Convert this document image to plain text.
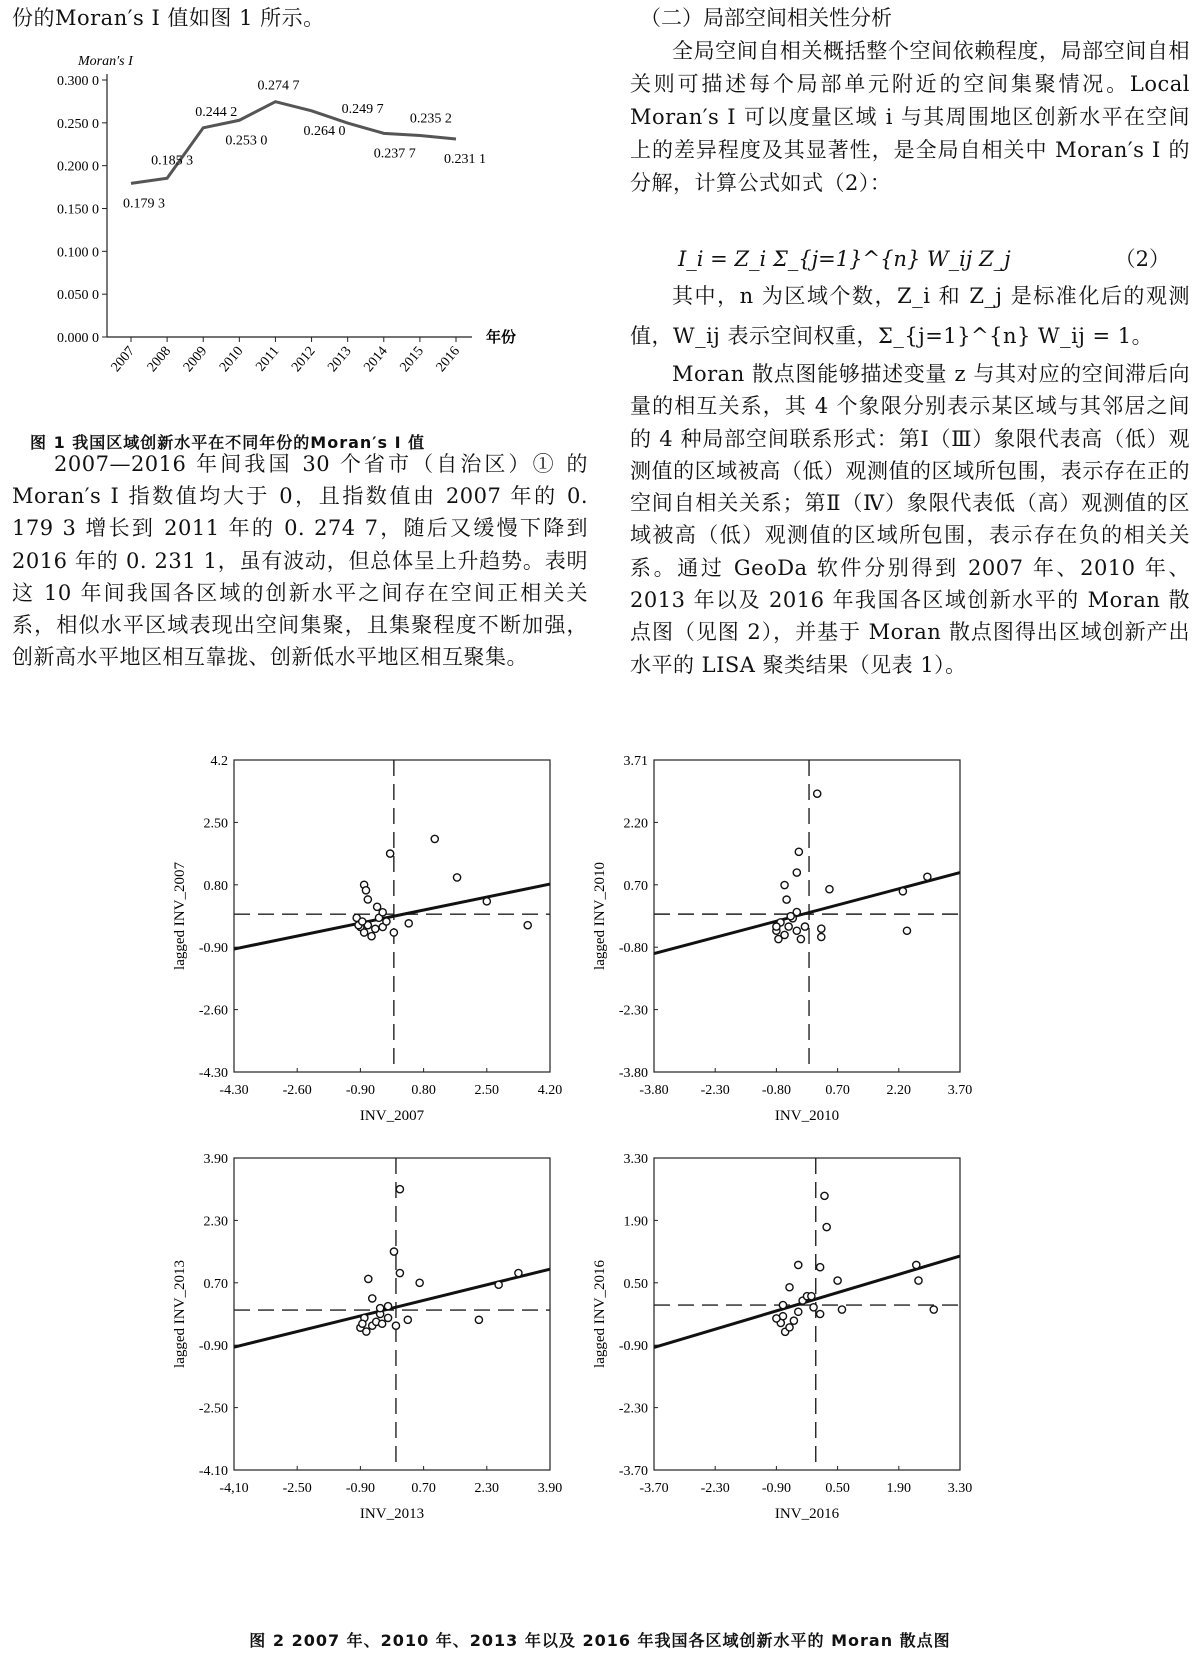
份的Moran′s I 值如图 1 所示。

Moran′s I
年份
0.000 0
0.050 0
0.100 0
0.150 0
0.200 0
0.250 0
0.300 0
2007 2008 2009 2010 2011 2012 2013 2014 2015 2016
0.179 3
0.185 3
0.244 2
0.253 0
0.274 7
0.264 0
0.249 7
0.237 7
0.235 2
0.231 1

2007—2016 年间我国 30 个省市（自治区）① 的 Moran′s I 指数值均大于 0，且指数值由 2007 年的 0. 179 3 增长到 2011 年的 0. 274 7，随后又缓慢下降到 2016 年的 0. 231 1，虽有波动，但总体呈上升趋势。表明这 10 年间我国各区域的创新水平之间存在空间正相关关系，相似水平区域表现出空间集聚，且集聚程度不断加强，创新高水平地区相互靠拢、创新低水平地区相互聚集。

图 1 我国区域创新水平在不同年份的Moran′s I 值

（二）局部空间相关性分析

全局空间自相关概括整个空间依赖程度，局部空间自相关则可描述每个局部单元附近的空间集聚情况。Local Moran′s I 可以度量区域 i 与其周围地区创新水平在空间上的差异程度及其显著性，是全局自相关中 Moran′s I 的分解，计算公式如式（2）：

I_i = Z_i Σ_{j=1}^{n} W_ij Z_j	（2）

其中，n 为区域个数，Z_i 和 Z_j 是标准化后的观测值，W_ij 表示空间权重，Σ_{j=1}^{n} W_ij = 1。

Moran 散点图能够描述变量 z 与其对应的空间滞后向量的相互关系，其 4 个象限分别表示某区域与其邻居之间的 4 种局部空间联系形式：第Ⅰ（Ⅲ）象限代表高（低）观测值的区域被高（低）观测值的区域所包围，表示存在正的空间自相关关系；第Ⅱ（Ⅳ）象限代表低（高）观测值的区域被高（低）观测值的区域所包围，表示存在负的相关关系。通过 GeoDa 软件分别得到 2007 年、2010 年、2013 年以及 2016 年我国各区域创新水平的 Moran 散点图（见图 2），并基于 Moran 散点图得出区域创新产出水平的 LISA 聚类结果（见表 1）。

-4.30 -2.60 -0.90	0.80	2.50	4.20
-4.30
-2.60
-0.90
0.80
2.50
4.2
INV_2007
lagged INV_2007
-3.80 -2.30 -0.80 0.70	2.20	3.70
-3.80
-2.30
-0.80
0.70
2.20
3.71
INV_2010
lagged INV_2010
-4,10 -2.50 -0.90	0.70	2.30	3.90
-4.10
-2.50
-0.90
0.70
2.30
3.90
INV_2013
lagged INV_2013
-3.70 -2.30 -0.90 0.50	1.90	3.30
-3.70
-2.30
-0.90
0.50
1.90
3.30
INV_2016
lagged INV_2016
图 2 2007 年、2010 年、2013 年以及 2016 年我国各区域创新水平的 Moran 散点图
